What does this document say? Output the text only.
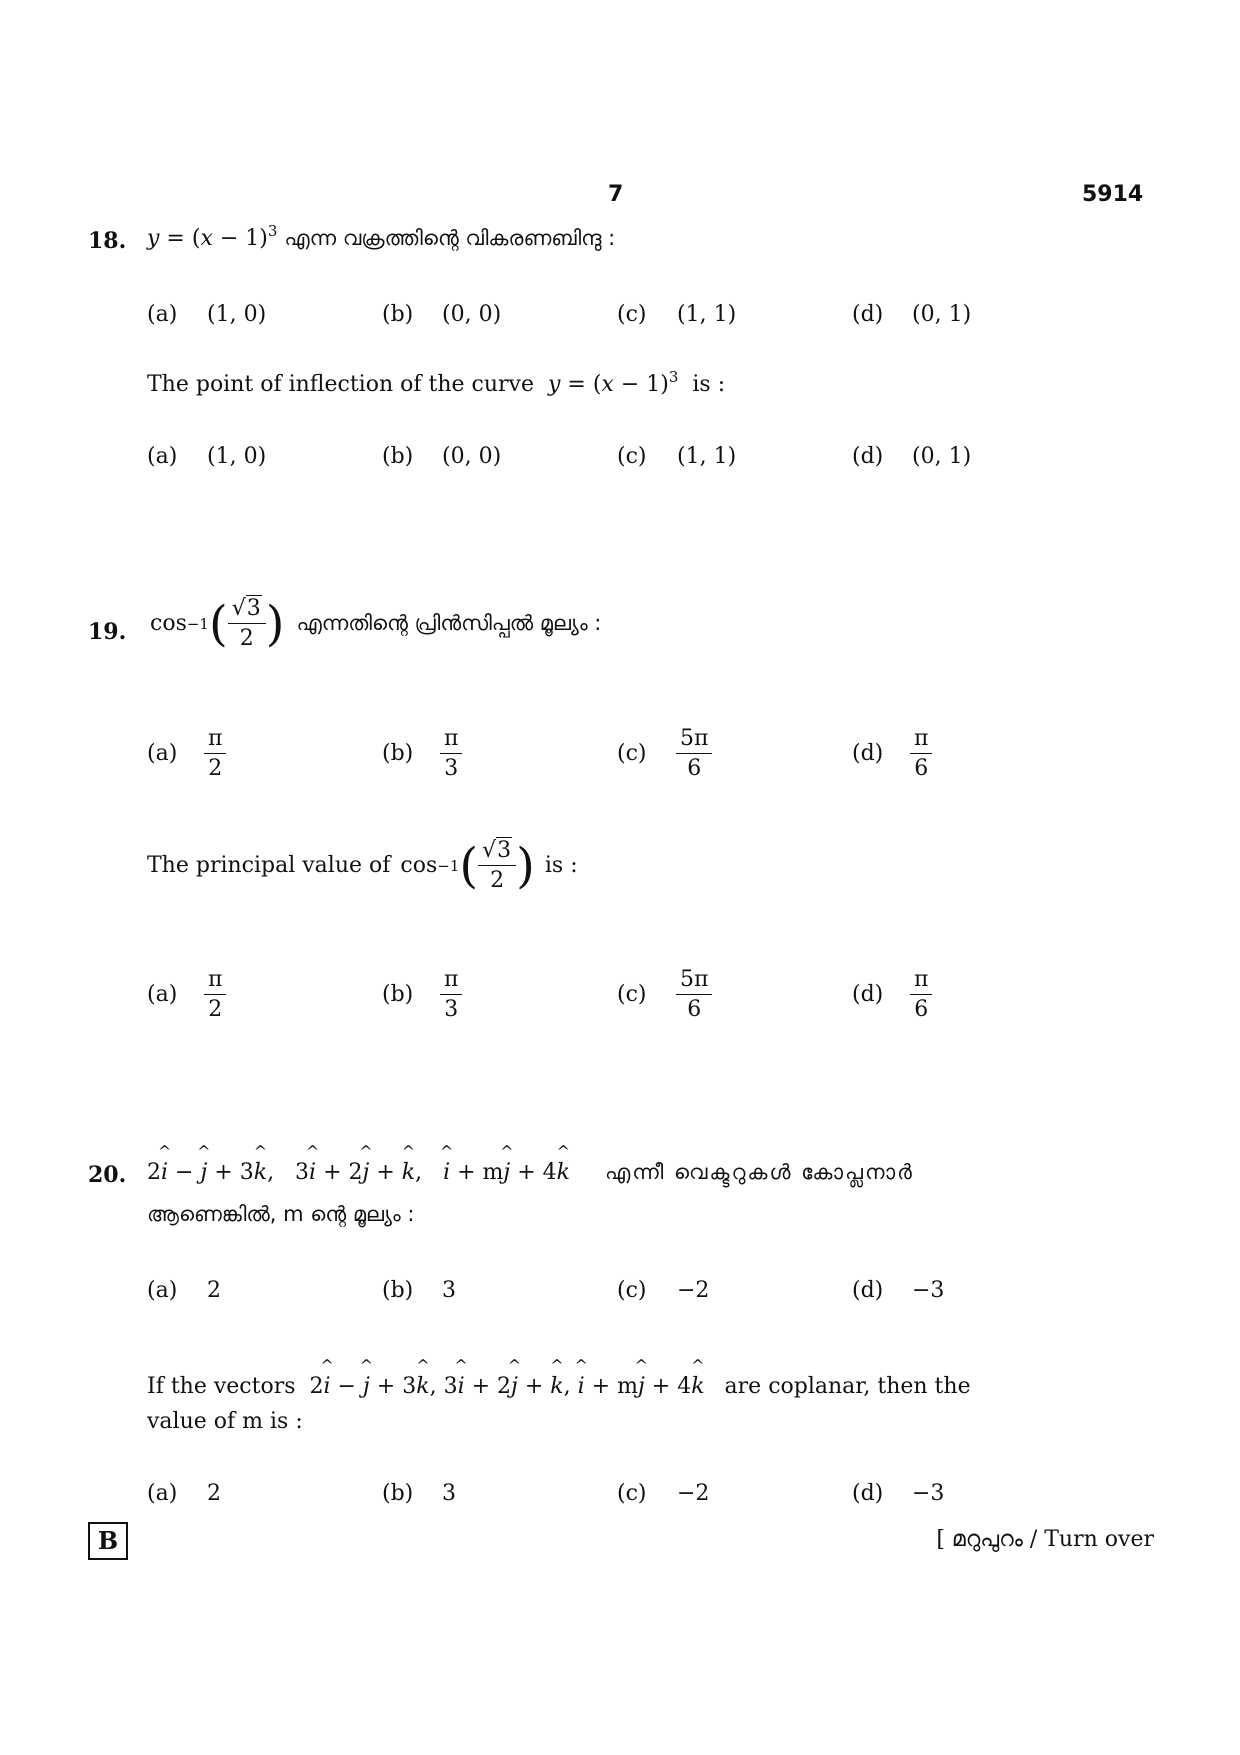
7	5914
18. $y = (x - 1)^3$ എന്ന വക്രത്തിന്റെ വികരണബിന്ദു :
(a) (1, 0)	(b) (0, 0)	(c) (1, 1)	(d) (0, 1)
The point of inflection of the curve $y = (x - 1)^3$ is :
(a) (1, 0)	(b) (0, 0)	(c) (1, 1)	(d) (0, 1)
19. cos −1 ( $\frac{√3}{2}$ ) എന്നതിന്റെ പ്രിൻസിപ്പൽ മൂല്യം :
$(a) \frac{\pi}{2}$	$(b) \frac{\pi}{3}$	$(c) \frac{5\pi}{6}$	$(d) \frac{\pi}{6}$
The principal value of cos −1 ( $\frac{√3}{2}$ ) is :
$(a) \frac{\pi}{2}$	$(b) \frac{\pi}{3}$	$(c) \frac{5\pi}{6}$	$(d) \frac{\pi}{6}$
20. 2
^
i −
^
j + 3
^
k ,   3
^
i + 2
^
j +
^
k ,
^
i + m
^
j + 4
^
k എന്നീ വെക്ടറുകൾ കോപ്ലനാർ
ആണെങ്കിൽ, m ന്റെ മൂല്യം :
(a) 2	(b) 3	(c) −2	(d) −3
If the vectors  2
^
i −
^
j + 3
^
k , 3
^
i + 2
^
j +
^
k ,
^
i + m
^
j + 4
^
k are coplanar, then the
value of m is :
(a) 2	(b) 3	(c) −2	(d) −3
B	[ മറുപുറം / Turn over
